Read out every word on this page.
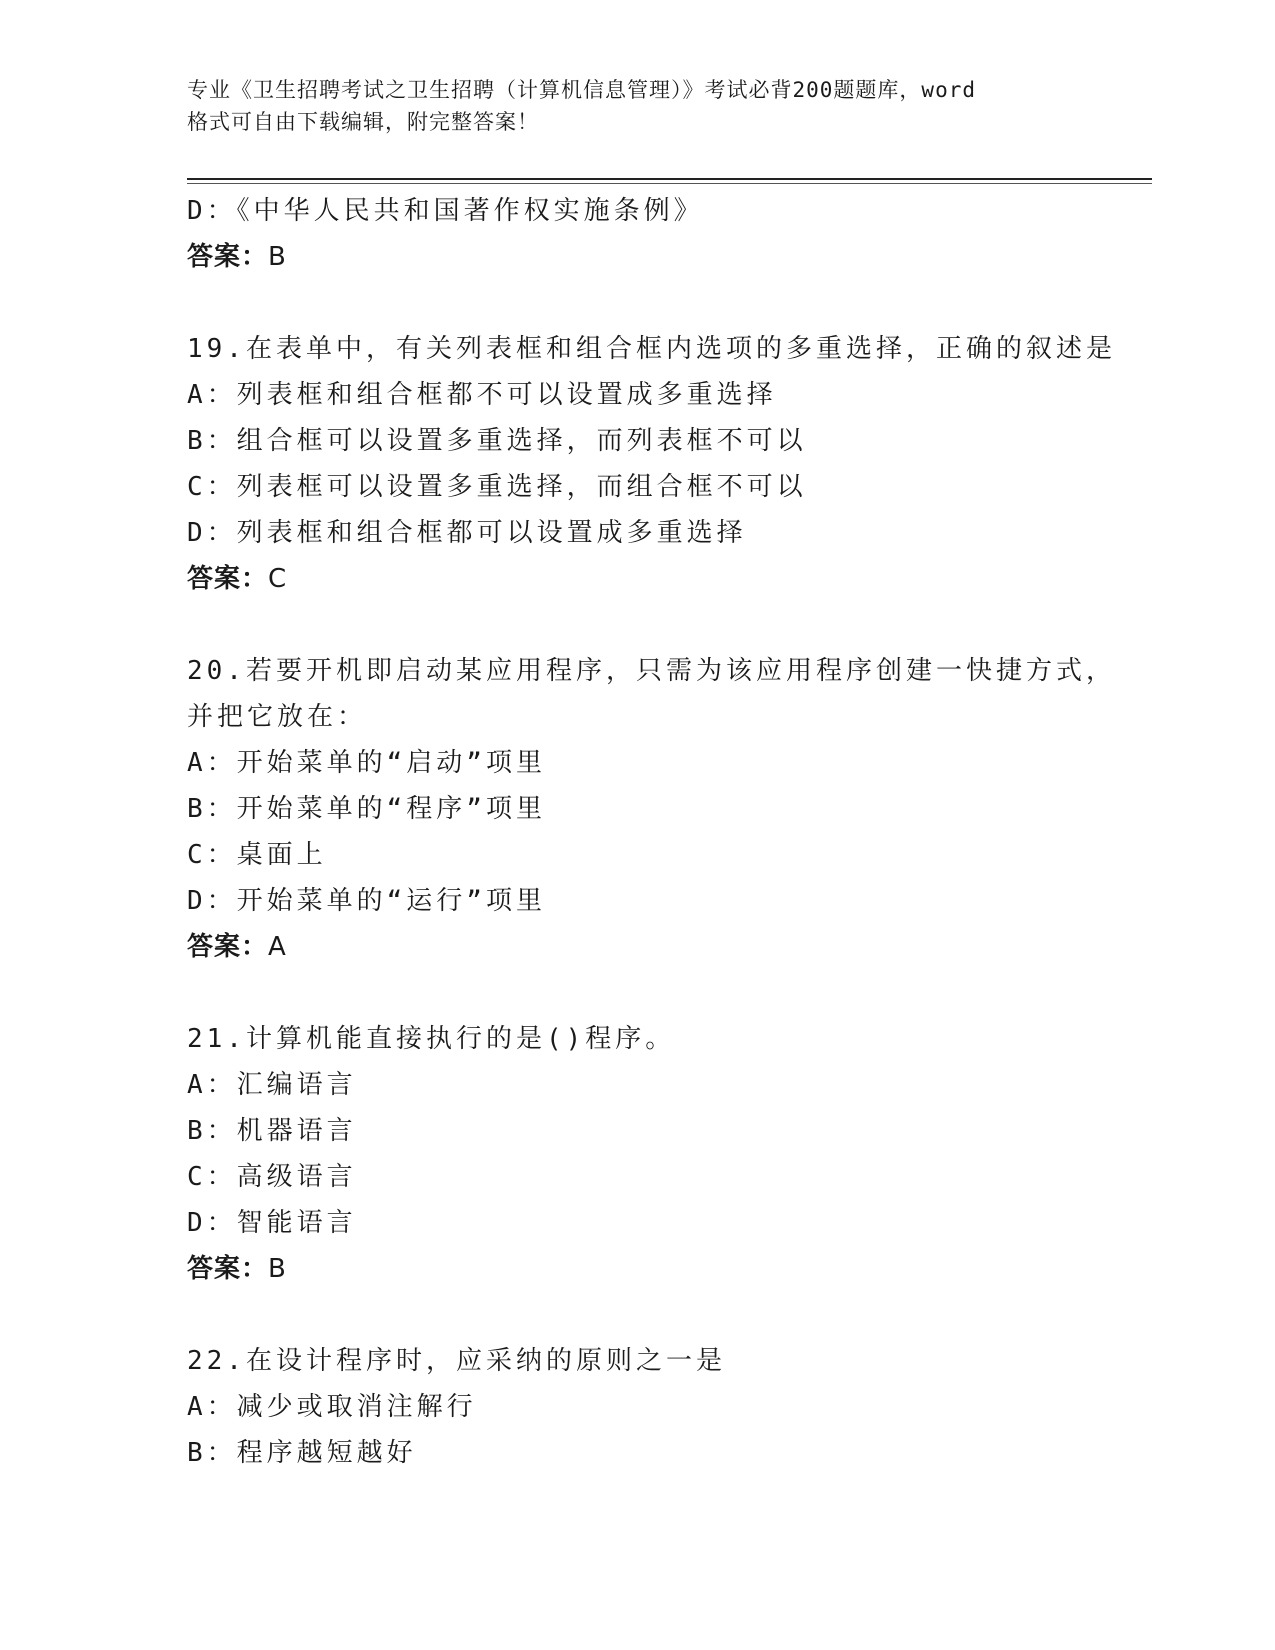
专业《卫生招聘考试之卫生招聘（计算机信息管理）》考试必背200题题库，word
格式可自由下载编辑，附完整答案！
D：《中华人民共和国著作权实施条例》
答案：B
19.在表单中，有关列表框和组合框内选项的多重选择，正确的叙述是
A：列表框和组合框都不可以设置成多重选择
B：组合框可以设置多重选择，而列表框不可以
C：列表框可以设置多重选择，而组合框不可以
D：列表框和组合框都可以设置成多重选择
答案：C
20.若要开机即启动某应用程序，只需为该应用程序创建一快捷方式，
并把它放在：
A：开始菜单的“启动”项里
B：开始菜单的“程序”项里
C：桌面上
D：开始菜单的“运行”项里
答案：A
21.计算机能直接执行的是()程序。
A：汇编语言
B：机器语言
C：高级语言
D：智能语言
答案：B
22.在设计程序时，应采纳的原则之一是
A：减少或取消注解行
B：程序越短越好
